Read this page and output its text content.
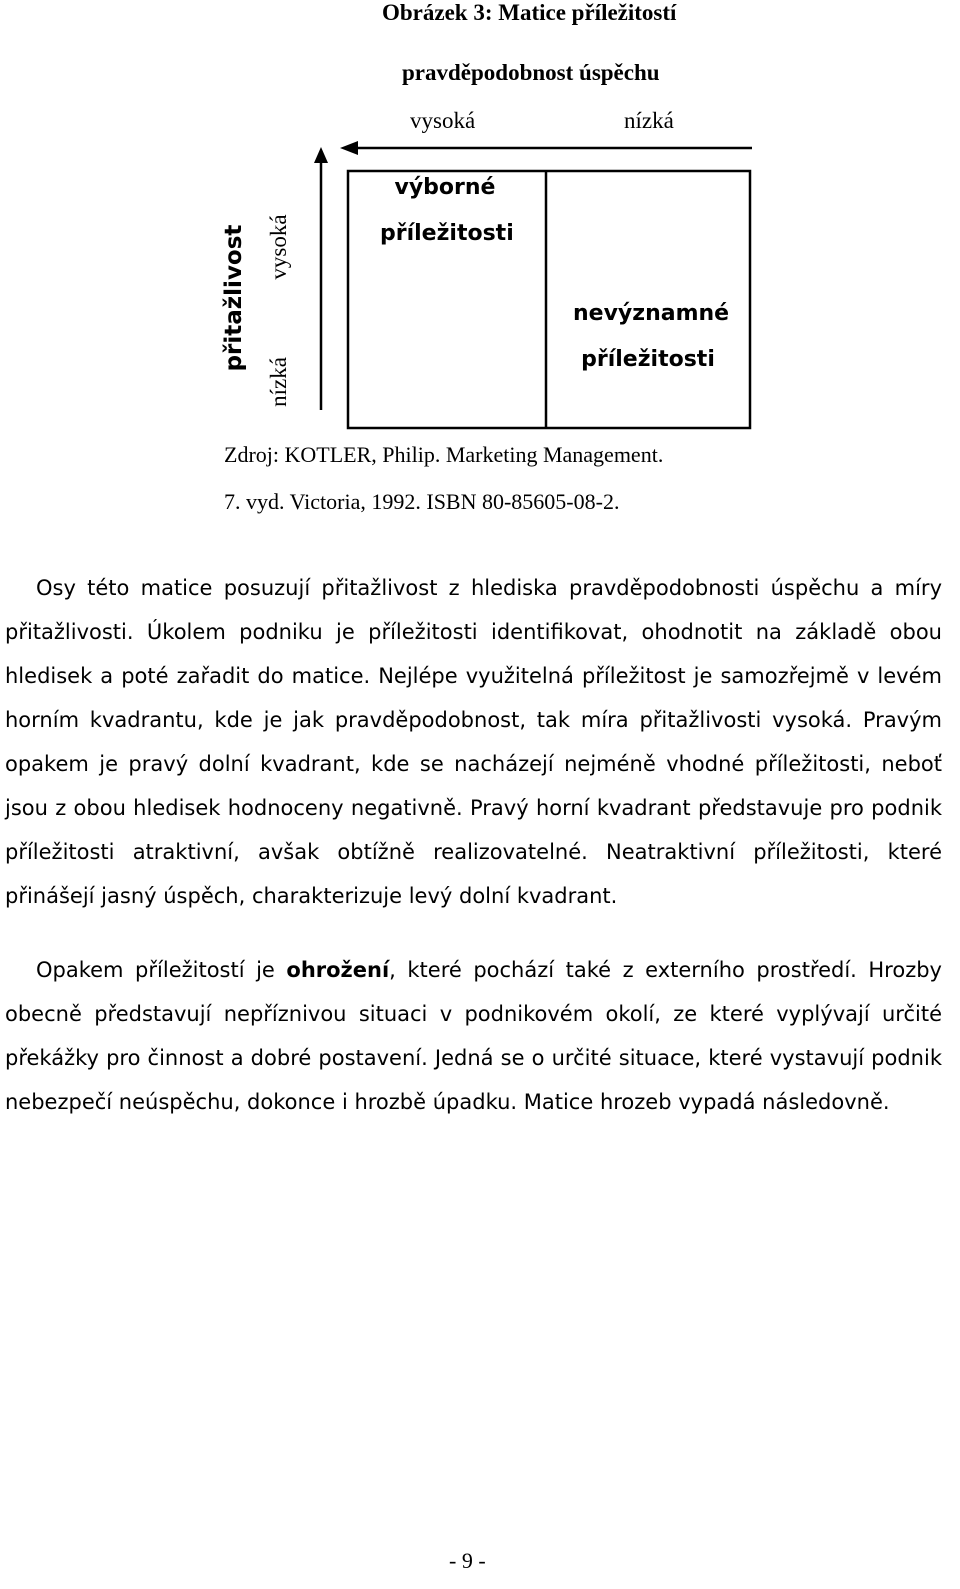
Obrázek 3: Matice příležitostí
pravděpodobnost úspěchu
vysoká	nízká
přitažlivost vysoká
nízká
výborné
příležitosti
nevýznamné
příležitosti
Zdroj: KOTLER, Philip. Marketing Management.
7. vyd. Victoria, 1992. ISBN 80-85605-08-2.

Osy této matice posuzují přitažlivost z hlediska pravděpodobnosti úspěchu a míry přitažlivosti. Úkolem podniku je příležitosti identifikovat, ohodnotit na základě obou hledisek a poté zařadit do matice. Nejlépe využitelná příležitost je samozřejmě v levém horním kvadrantu, kde je jak pravděpodobnost, tak míra přitažlivosti vysoká. Pravým opakem je pravý dolní kvadrant, kde se nacházejí nejméně vhodné příležitosti, neboť jsou z obou hledisek hodnoceny negativně. Pravý horní kvadrant představuje pro podnik příležitosti atraktivní, avšak obtížně realizovatelné. Neatraktivní příležitosti, které přinášejí jasný úspěch, charakterizuje levý dolní kvadrant.

Opakem příležitostí je ohrožení, které pochází také z externího prostředí. Hrozby obecně představují nepříznivou situaci v podnikovém okolí, ze které vyplývají určité překážky pro činnost a dobré postavení. Jedná se o určité situace, které vystavují podnik nebezpečí neúspěchu, dokonce i hrozbě úpadku. Matice hrozeb vypadá následovně.

- 9 -
